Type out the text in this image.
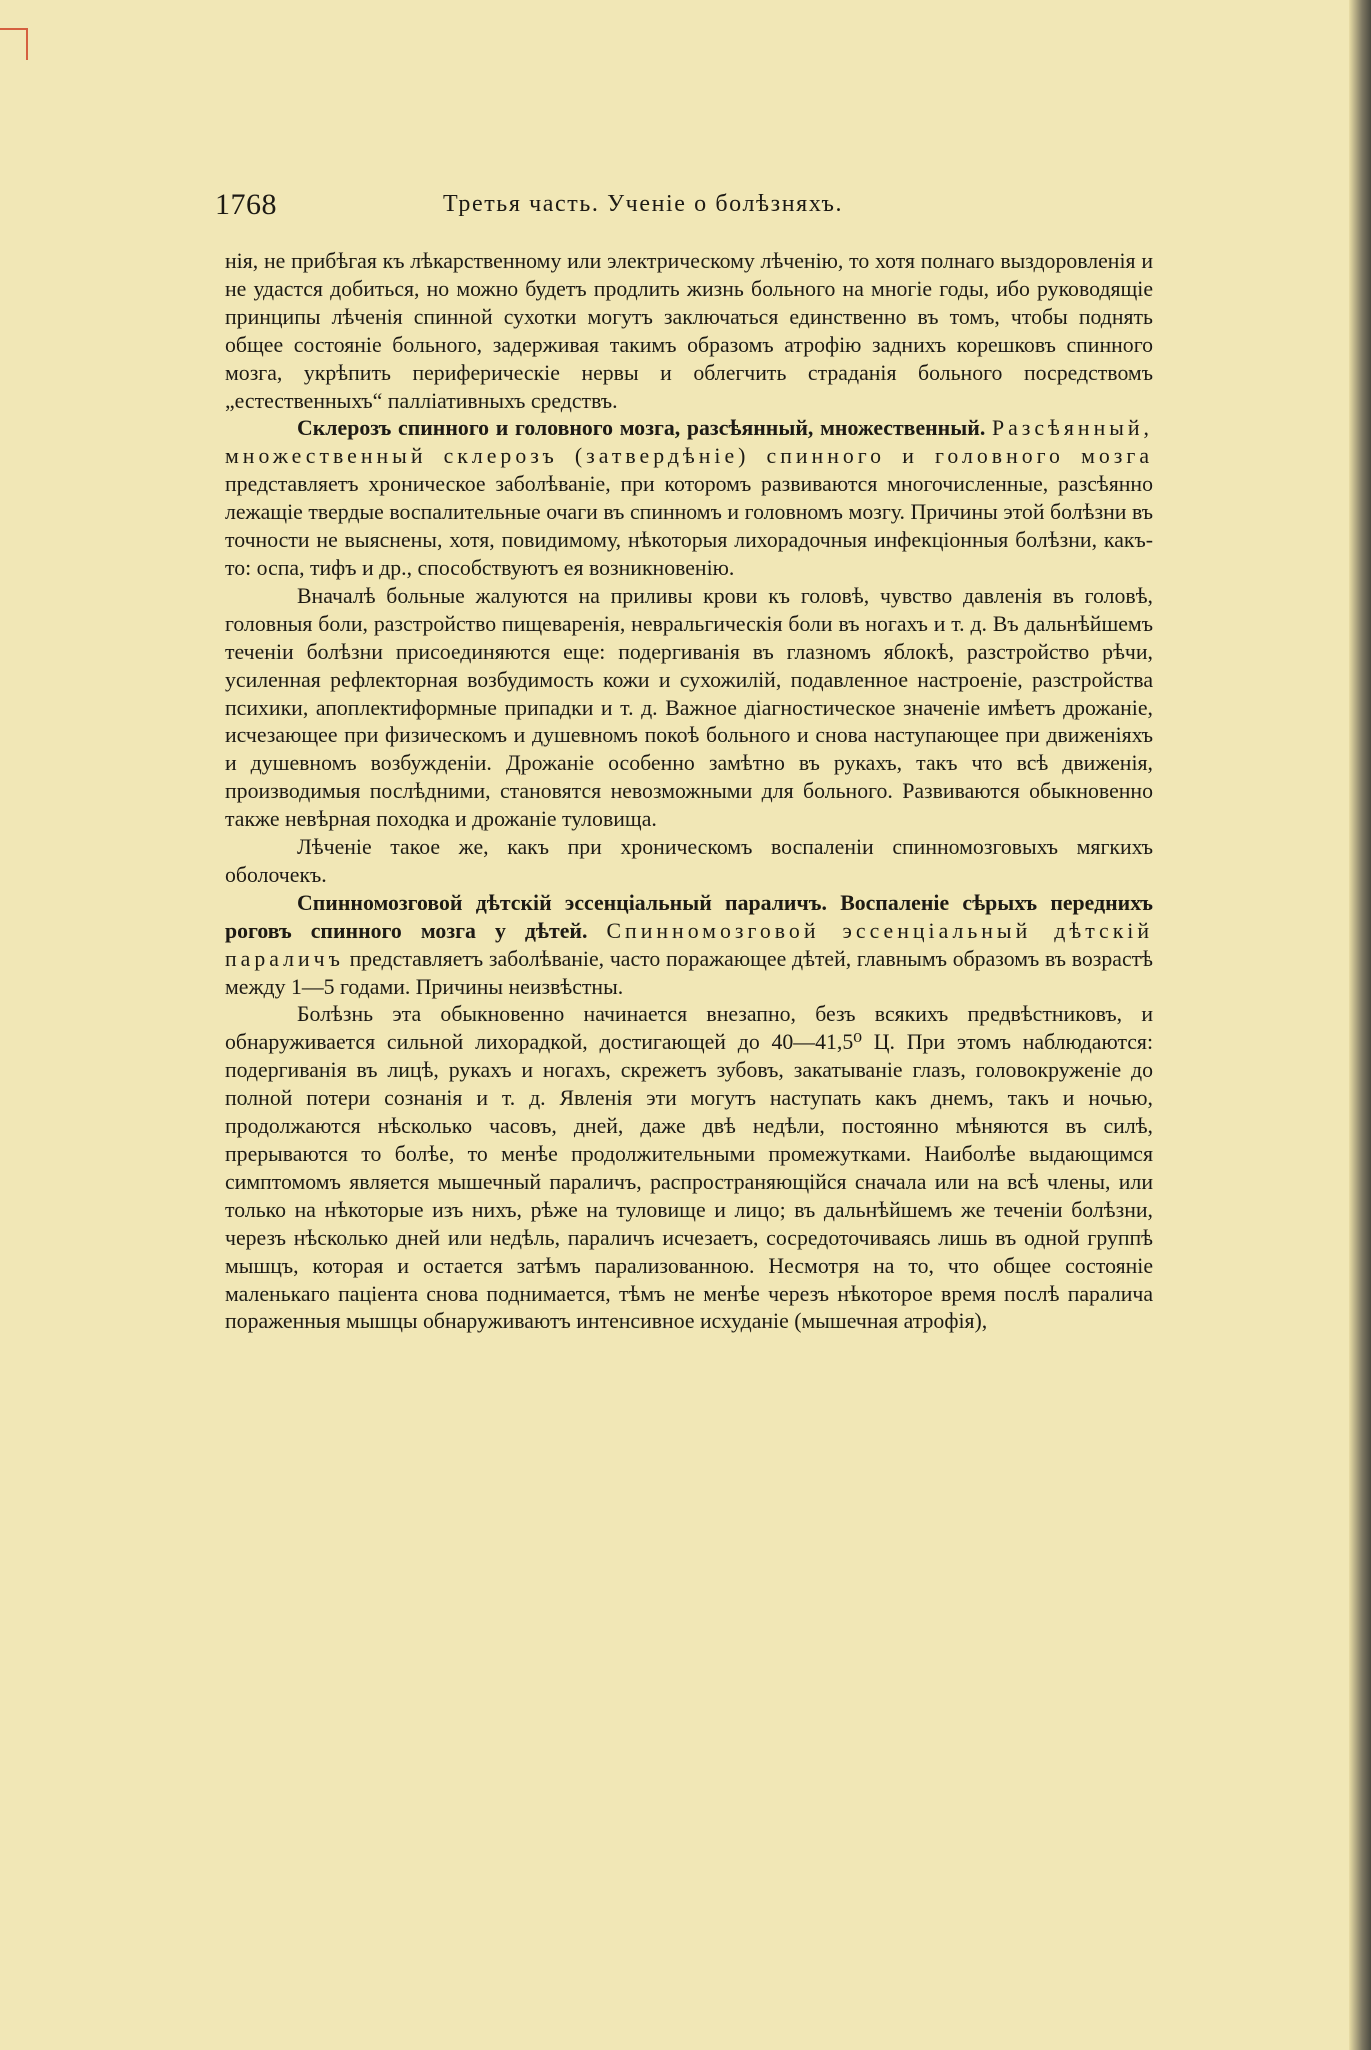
1768	Третья часть. Ученiе о болѣзняхъ.

нiя, не прибѣгая къ лѣкарственному или электрическому лѣченiю, то хотя полнаго выздоровленiя и не удастся добиться, но можно будетъ продлить жизнь больного на многiе годы, ибо руководящiе принципы лѣченiя спинной сухотки могутъ заключаться единственно въ томъ, чтобы поднять общее состоянiе больного, задерживая такимъ образомъ атрофiю заднихъ корешковъ спинного мозга, укрѣпить периферическiе нервы и облегчить страданiя больного посредствомъ „естественныхъ“ паллiативныхъ средствъ.

Склерозъ спинного и головного мозга, разсѣянный, множественный. Разсѣянный, множественный склерозъ (затвердѣнiе) спинного и головного мозга представляетъ хроническое заболѣванiе, при которомъ развиваются многочисленные, разсѣянно лежащiе твердые воспалительные очаги въ спинномъ и головномъ мозгу. Причины этой болѣзни въ точности не выяснены, хотя, повидимому, нѣкоторыя лихорадочныя инфекцiонныя болѣзни, какъ-то: оспа, тифъ и др., способствуютъ ея возникновенiю.

Вначалѣ больные жалуются на приливы крови къ головѣ, чувство давленiя въ головѣ, головныя боли, разстройство пищеваренiя, невральгическiя боли въ ногахъ и т. д. Въ дальнѣйшемъ теченiи болѣзни присоединяются еще: подергиванiя въ глазномъ яблокѣ, разстройство рѣчи, усиленная рефлекторная возбудимость кожи и сухожилiй, подавленное настроенiе, разстройства психики, апоплектиформные припадки и т. д. Важное дiагностическое значенiе имѣетъ дрожанiе, исчезающее при физическомъ и душевномъ покоѣ больного и снова наступающее при движенiяхъ и душевномъ возбужденiи. Дрожанiе особенно замѣтно въ рукахъ, такъ что всѣ движенiя, производимыя послѣдними, становятся невозможными для больного. Развиваются обыкновенно также невѣрная походка и дрожанiе туловища.

Лѣченiе такое же, какъ при хроническомъ воспаленiи спинномозговыхъ мягкихъ оболочекъ.

Спинномозговой дѣтскiй эссенцiальный параличъ. Воспаленiе сѣрыхъ переднихъ роговъ спинного мозга у дѣтей. Спинномозговой эссенцiальный дѣтскiй параличъ представляетъ заболѣванiе, часто поражающее дѣтей, главнымъ образомъ въ возрастѣ между 1—5 годами. Причины неизвѣстны.

Болѣзнь эта обыкновенно начинается внезапно, безъ всякихъ предвѣстниковъ, и обнаруживается сильной лихорадкой, достигающей до 40—41,5⁰ Ц. При этомъ наблюдаются: подергиванiя въ лицѣ, рукахъ и ногахъ, скрежетъ зубовъ, закатыванiе глазъ, головокруженiе до полной потери сознанiя и т. д. Явленiя эти могутъ наступать какъ днемъ, такъ и ночью, продолжаются нѣсколько часовъ, дней, даже двѣ недѣли, постоянно мѣняются въ силѣ, прерываются то болѣе, то менѣе продолжительными промежутками. Наиболѣе выдающимся симптомомъ является мышечный параличъ, распространяющiйся сначала или на всѣ члены, или только на нѣкоторые изъ нихъ, рѣже на туловище и лицо; въ дальнѣйшемъ же теченiи болѣзни, черезъ нѣсколько дней или недѣль, параличъ исчезаетъ, сосредоточиваясь лишь въ одной группѣ мышцъ, которая и остается затѣмъ парализованною. Несмотря на то, что общее состоянiе маленькаго пацiента снова поднимается, тѣмъ не менѣе черезъ нѣкоторое время послѣ паралича пораженныя мышцы обнаруживаютъ интенсивное исхуданiе (мышечная атрофiя),
